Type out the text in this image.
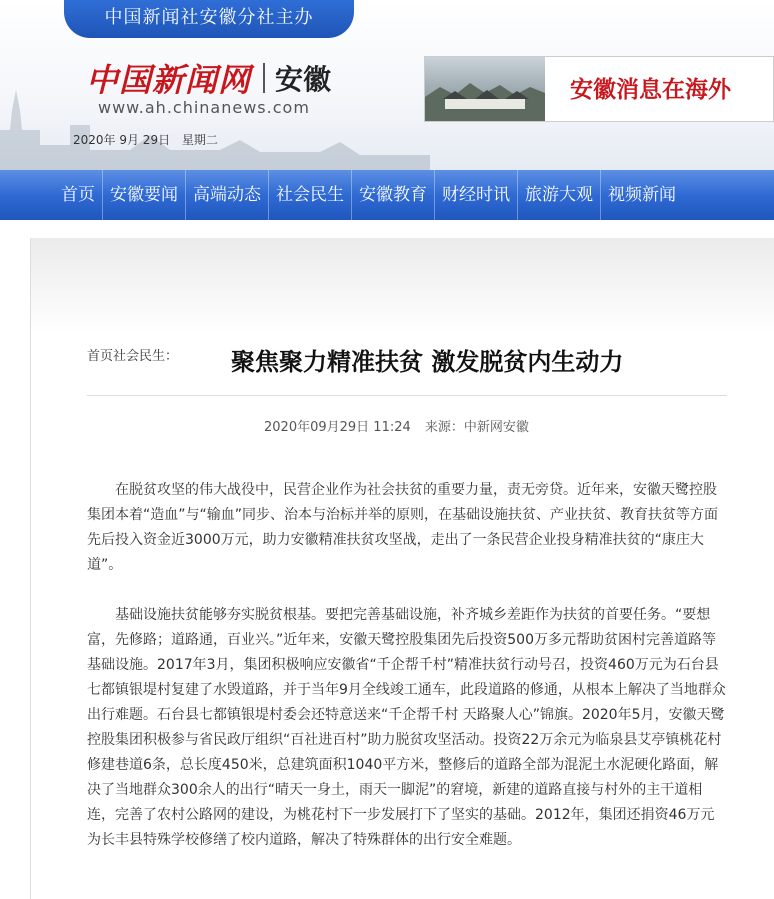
中国新闻社安徽分社主办
中国新闻网 安徽
www.ah.chinanews.com
2020年 9月 29日 星期二
安徽消息在海外
首页 安徽要闻 高端动态 社会民生 安徽教育 财经时讯 旅游大观 视频新闻
首页社会民生： 聚焦聚力精准扶贫 激发脱贫内生动力
2020年09月29日 11:24 来源：中新网安徽

在脱贫攻坚的伟大战役中，民营企业作为社会扶贫的重要力量，责无旁贷。近年来，安徽天鹭控股集团本着“造血”与“输血”同步、治本与治标并举的原则，在基础设施扶贫、产业扶贫、教育扶贫等方面先后投入资金近3000万元，助力安徽精准扶贫攻坚战，走出了一条民营企业投身精准扶贫的“康庄大道”。

基础设施扶贫能够夯实脱贫根基。要把完善基础设施，补齐城乡差距作为扶贫的首要任务。“要想富，先修路；道路通，百业兴。”近年来，安徽天鹭控股集团先后投资500万多元帮助贫困村完善道路等基础设施。2017年3月，集团积极响应安徽省“千企帮千村”精准扶贫行动号召，投资460万元为石台县七都镇银堤村复建了水毁道路，并于当年9月全线竣工通车，此段道路的修通，从根本上解决了当地群众出行难题。石台县七都镇银堤村委会还特意送来“千企帮千村 天路聚人心”锦旗。2020年5月，安徽天鹭控股集团积极参与省民政厅组织“百社进百村”助力脱贫攻坚活动。投资22万余元为临泉县艾亭镇桃花村修建巷道6条，总长度450米，总建筑面积1040平方米，整修后的道路全部为混泥土水泥硬化路面，解决了当地群众300余人的出行“晴天一身土，雨天一脚泥”的窘境，新建的道路直接与村外的主干道相连，完善了农村公路网的建设，为桃花村下一步发展打下了坚实的基础。2012年，集团还捐资46万元为长丰县特殊学校修缮了校内道路，解决了特殊群体的出行安全难题。
